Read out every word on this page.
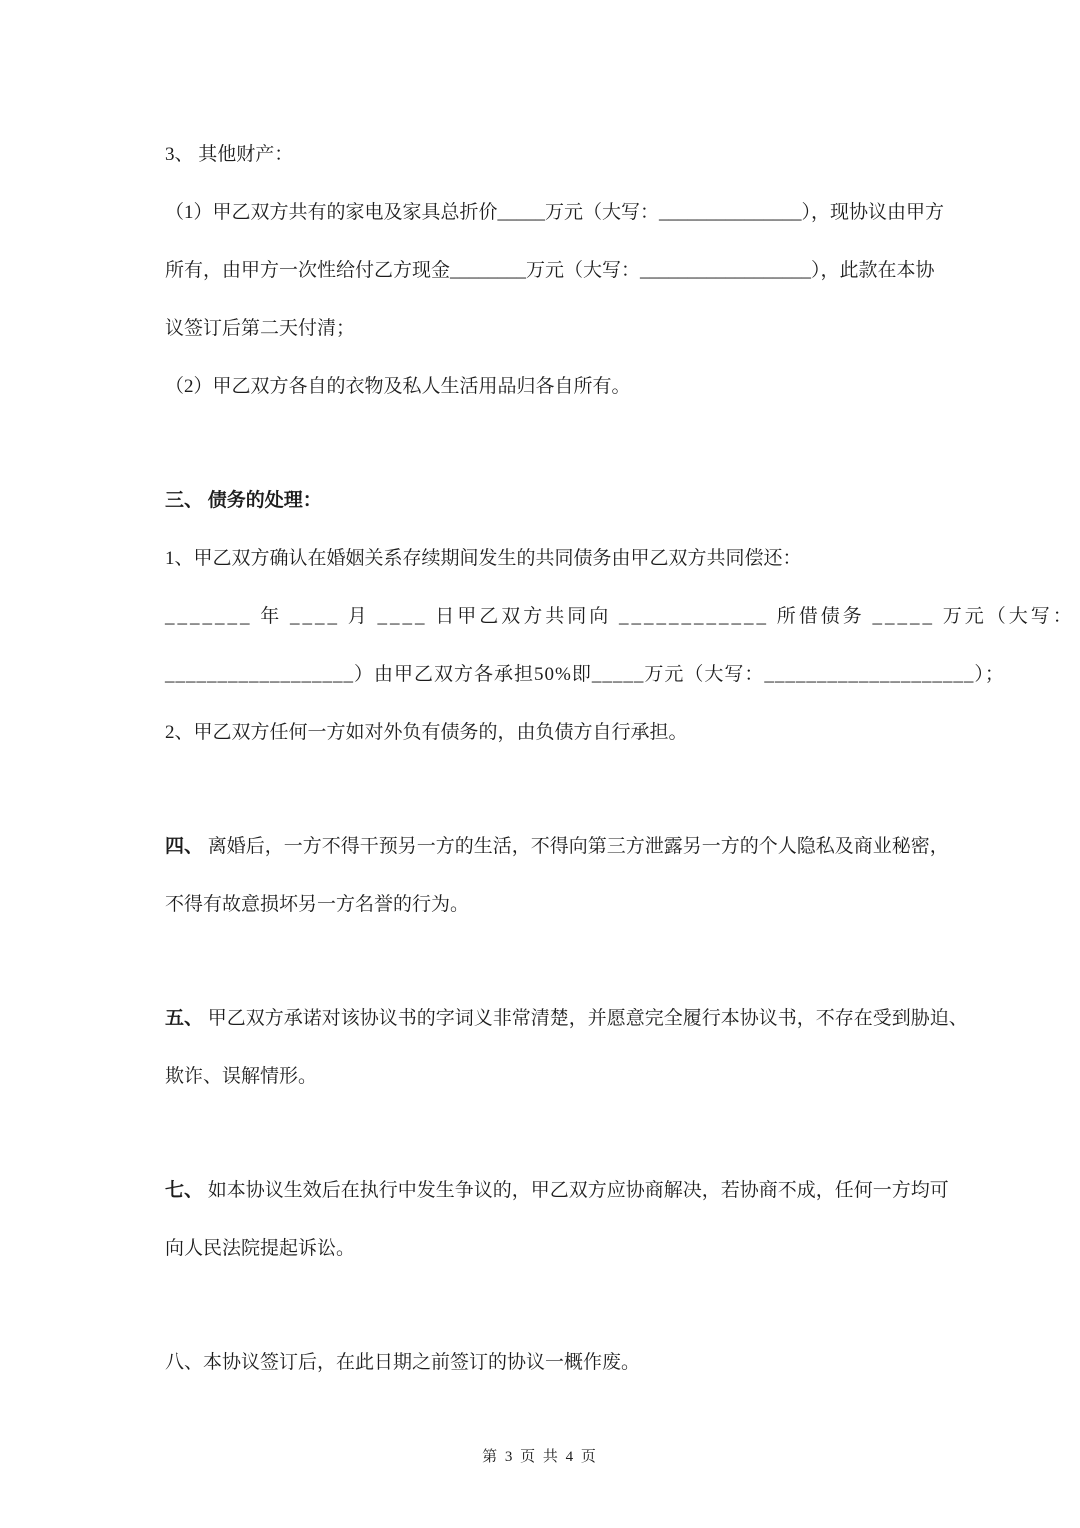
3、 其他财产：

（1）甲乙双方共有的家电及家具总折价_____万元（大写：_______________），现协议由甲方

所有，由甲方一次性给付乙方现金________万元（大写：__________________），此款在本协

议签订后第二天付清；

（2）甲乙双方各自的衣物及私人生活用品归各自所有。

三、 债务的处理：

1、甲乙双方确认在婚姻关系存续期间发生的共同债务由甲乙双方共同偿还：

_______ 年 ____ 月 ____ 日甲乙双方共同向 ____________ 所借债务 _____ 万元（大写：

__________________）由甲乙双方各承担50%即_____万元（大写：____________________）；

2、甲乙双方任何一方如对外负有债务的，由负债方自行承担。

四、 离婚后，一方不得干预另一方的生活，不得向第三方泄露另一方的个人隐私及商业秘密，

不得有故意损坏另一方名誉的行为。

五、 甲乙双方承诺对该协议书的字词义非常清楚，并愿意完全履行本协议书，不存在受到胁迫、

欺诈、误解情形。

七、 如本协议生效后在执行中发生争议的，甲乙双方应协商解决，若协商不成，任何一方均可

向人民法院提起诉讼。

八、本协议签订后，在此日期之前签订的协议一概作废。

第 3 页 共 4 页
